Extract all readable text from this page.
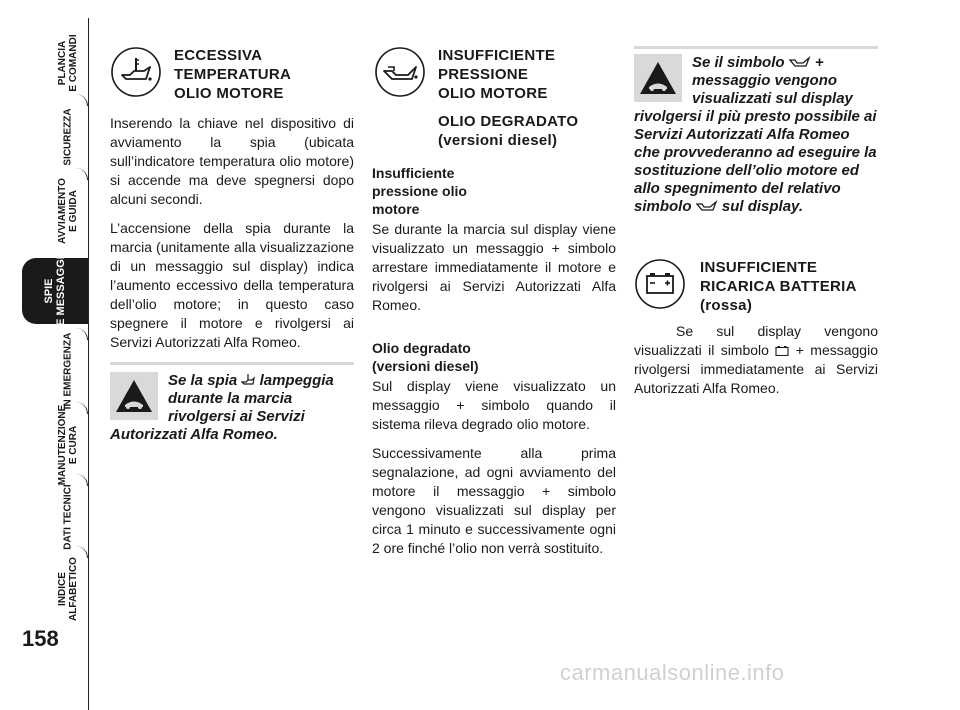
PLANCIA E COMANDI
SICUREZZA
AVVIAMENTO E GUIDA
SPIE E MESSAGGI
IN EMERGENZA
MANUTENZIONE E CURA
DATI TECNICI
INDICE ALFABETICO
158
ECCESSIVA
TEMPERATURA
OLIO MOTORE

Inserendo la chiave nel dispositivo di avviamento la spia (ubicata sull’indicatore temperatura olio motore) si accende ma deve spegnersi dopo alcuni secondi.

L’accensione della spia durante la marcia (unitamente alla visualizzazione di un messaggio sul display) indica l’aumento eccessivo della temperatura dell’olio motore; in questo caso spegnere il motore e rivolgersi ai Servizi Autorizzati Alfa Romeo.

Se la spia lampeggia durante la marcia rivolgersi ai Servizi Autorizzati Alfa Romeo.
INSUFFICIENTE
PRESSIONE
OLIO MOTORE
OLIO DEGRADATO
(versioni diesel)
Insufficiente pressione olio motore

Se durante la marcia sul display viene visualizzato un messaggio + simbolo arrestare immediatamente il motore e rivolgersi ai Servizi Autorizzati Alfa Romeo.

Olio degradato (versioni diesel)

Sul display viene visualizzato un messaggio + simbolo quando il sistema rileva degrado olio motore.

Successivamente alla prima segnalazione, ad ogni avviamento del motore il messaggio + simbolo vengono visualizzati sul display per circa 1 minuto e successivamente ogni 2 ore finché l’olio non verrà sostituito.

Se il simbolo + messaggio vengono visualizzati sul display rivolgersi il più presto possibile ai Servizi Autorizzati Alfa Romeo che provvederanno ad eseguire la sostituzione dell’olio motore ed allo spegnimento del relativo simbolo sul display.
INSUFFICIENTE
RICARICA BATTERIA
(rossa)

Se sul display vengono visualizzati il simbolo + messaggio rivolgersi immediatamente ai Servizi Autorizzati Alfa Romeo.

carmanualsonline.info
